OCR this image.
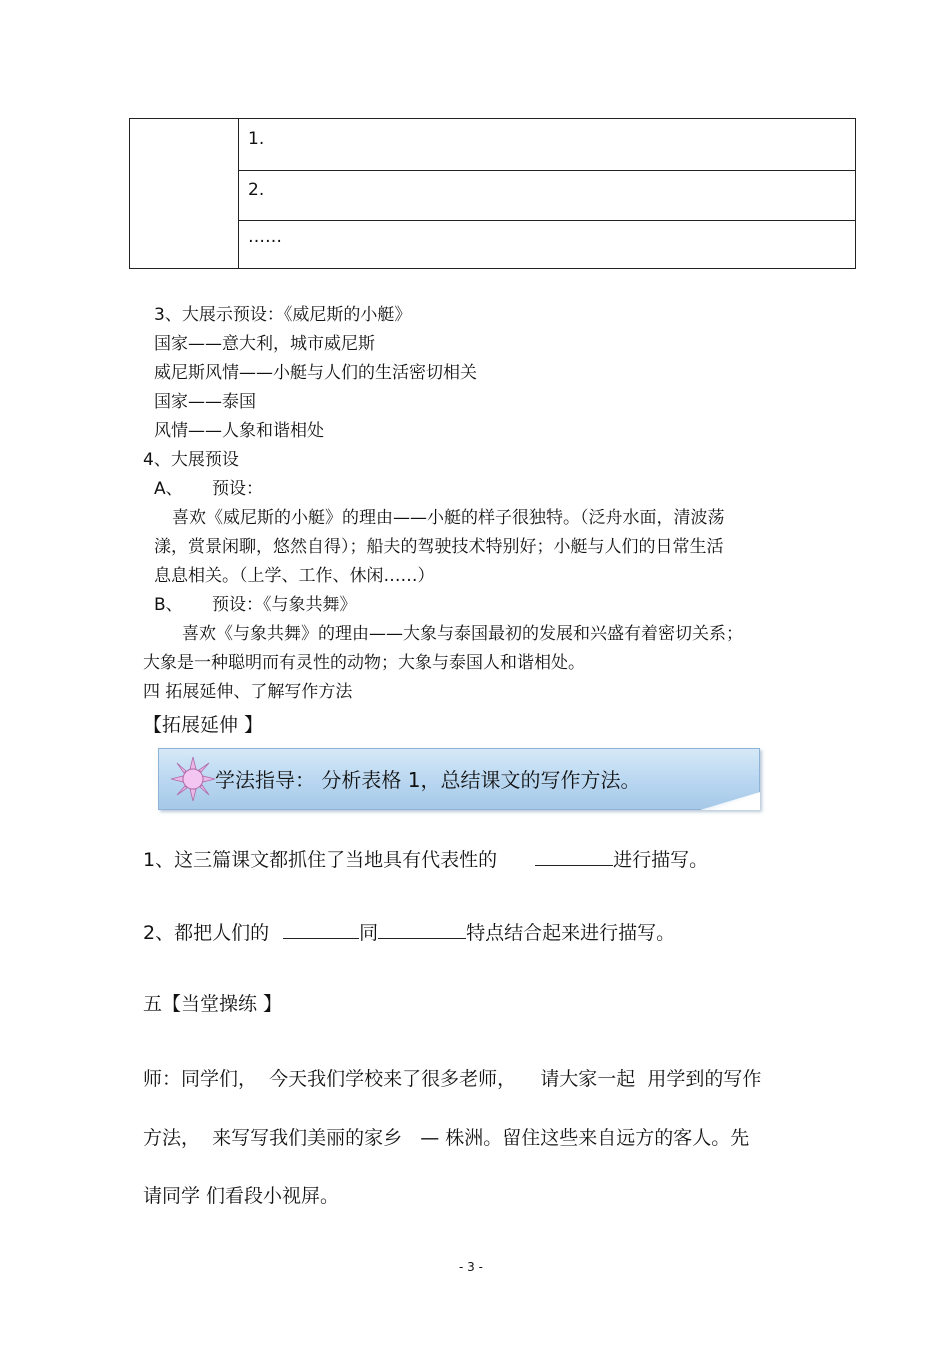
1.
2.
……
3、大展示预设：《威尼斯的小艇》
国家——意大利，城市威尼斯
威尼斯风情——小艇与人们的生活密切相关
国家——泰国
风情——人象和谐相处
4、大展预设
A、 预设：
喜欢《威尼斯的小艇》的理由——小艇的样子很独特。（泛舟水面，清波荡
漾，赏景闲聊，悠然自得）；船夫的驾驶技术特别好；小艇与人们的日常生活
息息相关。（上学、工作、休闲……）
B、 预设：《与象共舞》
喜欢《与象共舞》的理由——大象与泰国最初的发展和兴盛有着密切关系；
大象是一种聪明而有灵性的动物；大象与泰国人和谐相处。
四 拓展延伸、了解写作方法
【拓展延伸 】
学法指导： 分析表格 1，总结课文的写作方法。
1、这三篇课文都抓住了当地具有代表性的	进行描写。
2、都把人们的	同	特点结合起来进行描写。
五【当堂操练 】
师：同学们，  今天我们学校来了很多老师，    请大家一起  用学到的写作
方法，  来写写我们美丽的家乡   — 株洲。留住这些来自远方的客人。先
请同学 们看段小视屏。
- 3 -
